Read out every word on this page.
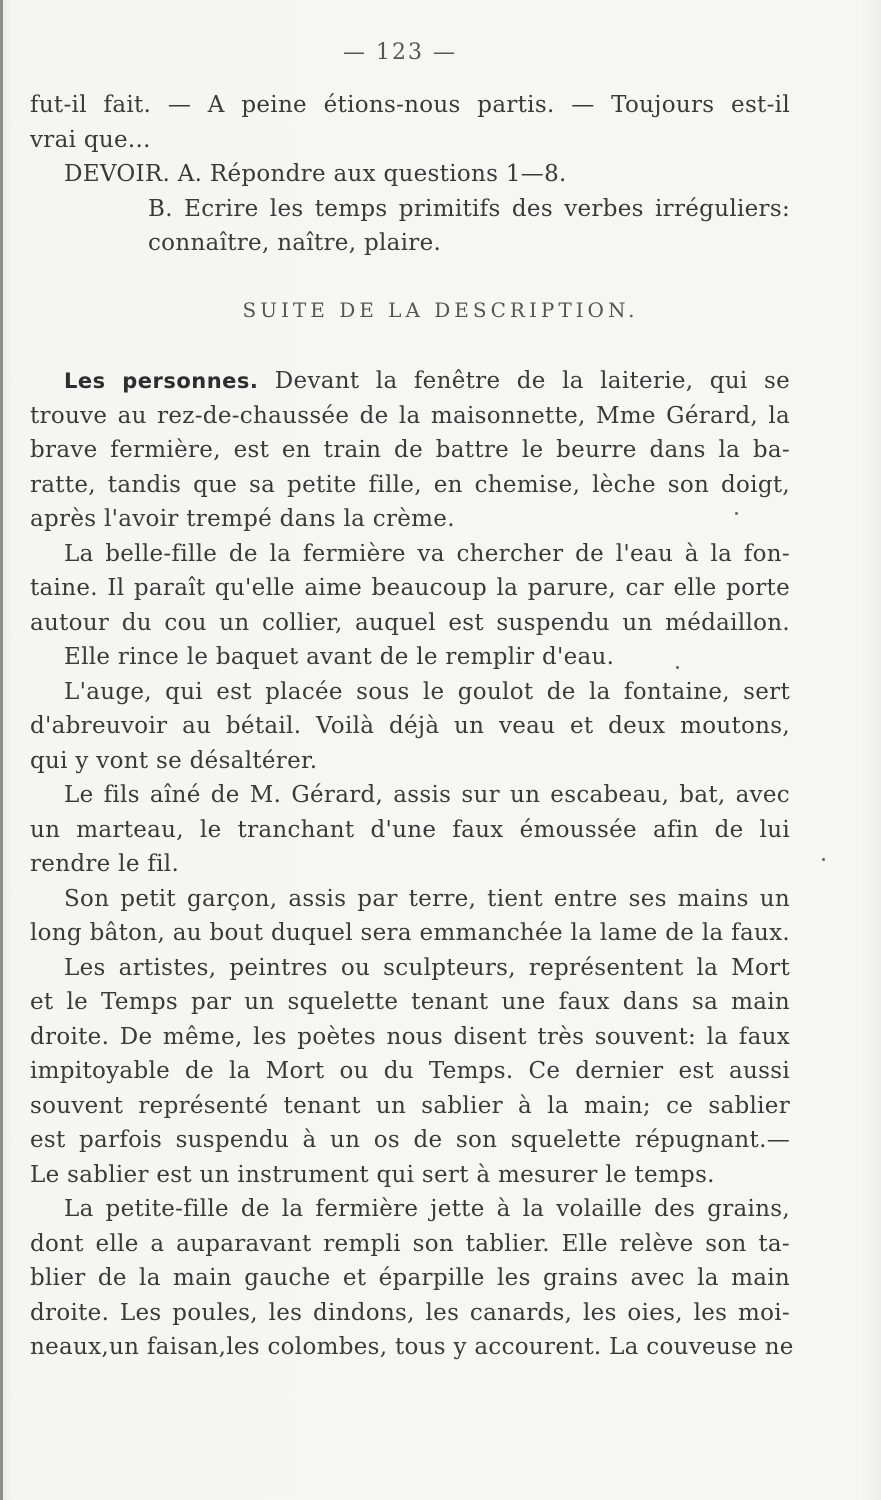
— 123 —
fut-il fait. — A peine étions-nous partis. — Toujours est-il
vrai que...
DEVOIR. A. Répondre aux questions 1—8.
B. Ecrire les temps primitifs des verbes irréguliers:
connaître, naître, plaire.
SUITE DE LA DESCRIPTION.
Les personnes. Devant la fenêtre de la laiterie, qui se
trouve au rez-de-chaussée de la maisonnette, Mme Gérard, la
brave fermière, est en train de battre le beurre dans la ba-
ratte, tandis que sa petite fille, en chemise, lèche son doigt,
après l'avoir trempé dans la crème.
La belle-fille de la fermière va chercher de l'eau à la fon-
taine. Il paraît qu'elle aime beaucoup la parure, car elle porte
autour du cou un collier, auquel est suspendu un médaillon.
Elle rince le baquet avant de le remplir d'eau.
L'auge, qui est placée sous le goulot de la fontaine, sert
d'abreuvoir au bétail. Voilà déjà un veau et deux moutons,
qui y vont se désaltérer.
Le fils aîné de M. Gérard, assis sur un escabeau, bat, avec
un marteau, le tranchant d'une faux émoussée afin de lui
rendre le fil.
Son petit garçon, assis par terre, tient entre ses mains un
long bâton, au bout duquel sera emmanchée la lame de la faux.
Les artistes, peintres ou sculpteurs, représentent la Mort
et le Temps par un squelette tenant une faux dans sa main
droite. De même, les poètes nous disent très souvent: la faux
impitoyable de la Mort ou du Temps. Ce dernier est aussi
souvent représenté tenant un sablier à la main; ce sablier
est parfois suspendu à un os de son squelette répugnant.—
Le sablier est un instrument qui sert à mesurer le temps.
La petite-fille de la fermière jette à la volaille des grains,
dont elle a auparavant rempli son tablier. Elle relève son ta-
blier de la main gauche et éparpille les grains avec la main
droite. Les poules, les dindons, les canards, les oies, les moi-
neaux,un faisan,les colombes, tous y accourent. La couveuse ne
